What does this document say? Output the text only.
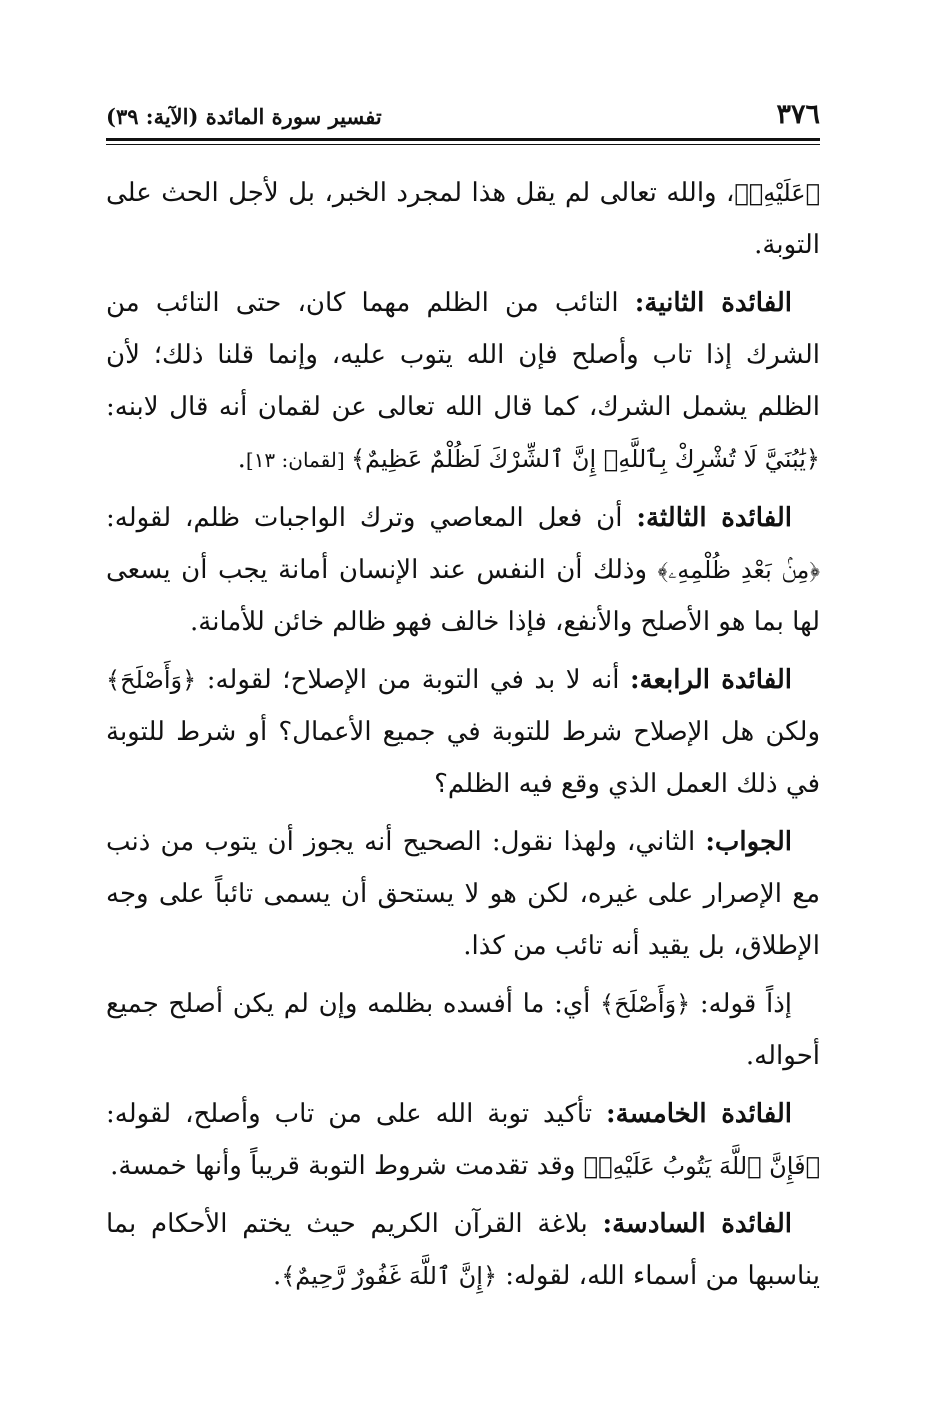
٣٧٦
تفسير سورة المائدة (الآية: ٣٩)

﴿عَلَيْهِۚ﴾، والله تعالى لم يقل هذا لمجرد الخبر، بل لأجل الحث على التوبة.

الفائدة الثانية: التائب من الظلم مهما كان، حتى التائب من الشرك إذا تاب وأصلح فإن الله يتوب عليه، وإنما قلنا ذلك؛ لأن الظلم يشمل الشرك، كما قال الله تعالى عن لقمان أنه قال لابنه: ﴿يَٰبُنَيَّ لَا تُشْرِكْ بِٱللَّهِۖ إِنَّ ٱلشِّرْكَ لَظُلْمٌ عَظِيمٌ﴾ [لقمان: ١٣].

الفائدة الثالثة: أن فعل المعاصي وترك الواجبات ظلم، لقوله: ﴿مِنۢ بَعْدِ ظُلْمِهِۦ﴾ وذلك أن النفس عند الإنسان أمانة يجب أن يسعى لها بما هو الأصلح والأنفع، فإذا خالف فهو ظالم خائن للأمانة.

الفائدة الرابعة: أنه لا بد في التوبة من الإصلاح؛ لقوله: ﴿وَأَصْلَحَ﴾ ولكن هل الإصلاح شرط للتوبة في جميع الأعمال؟ أو شرط للتوبة في ذلك العمل الذي وقع فيه الظلم؟

الجواب: الثاني، ولهذا نقول: الصحيح أنه يجوز أن يتوب من ذنب مع الإصرار على غيره، لكن هو لا يستحق أن يسمى تائباً على وجه الإطلاق، بل يقيد أنه تائب من كذا.

إذاً قوله: ﴿وَأَصْلَحَ﴾ أي: ما أفسده بظلمه وإن لم يكن أصلح جميع أحواله.

الفائدة الخامسة: تأكيد توبة الله على من تاب وأصلح، لقوله: ﴿فَإِنَّ ٱللَّهَ يَتُوبُ عَلَيْهِۚ﴾ وقد تقدمت شروط التوبة قريباً وأنها خمسة.

الفائدة السادسة: بلاغة القرآن الكريم حيث يختم الأحكام بما يناسبها من أسماء الله، لقوله: ﴿إِنَّ ٱللَّهَ غَفُورٌ رَّحِيمٌ﴾.
